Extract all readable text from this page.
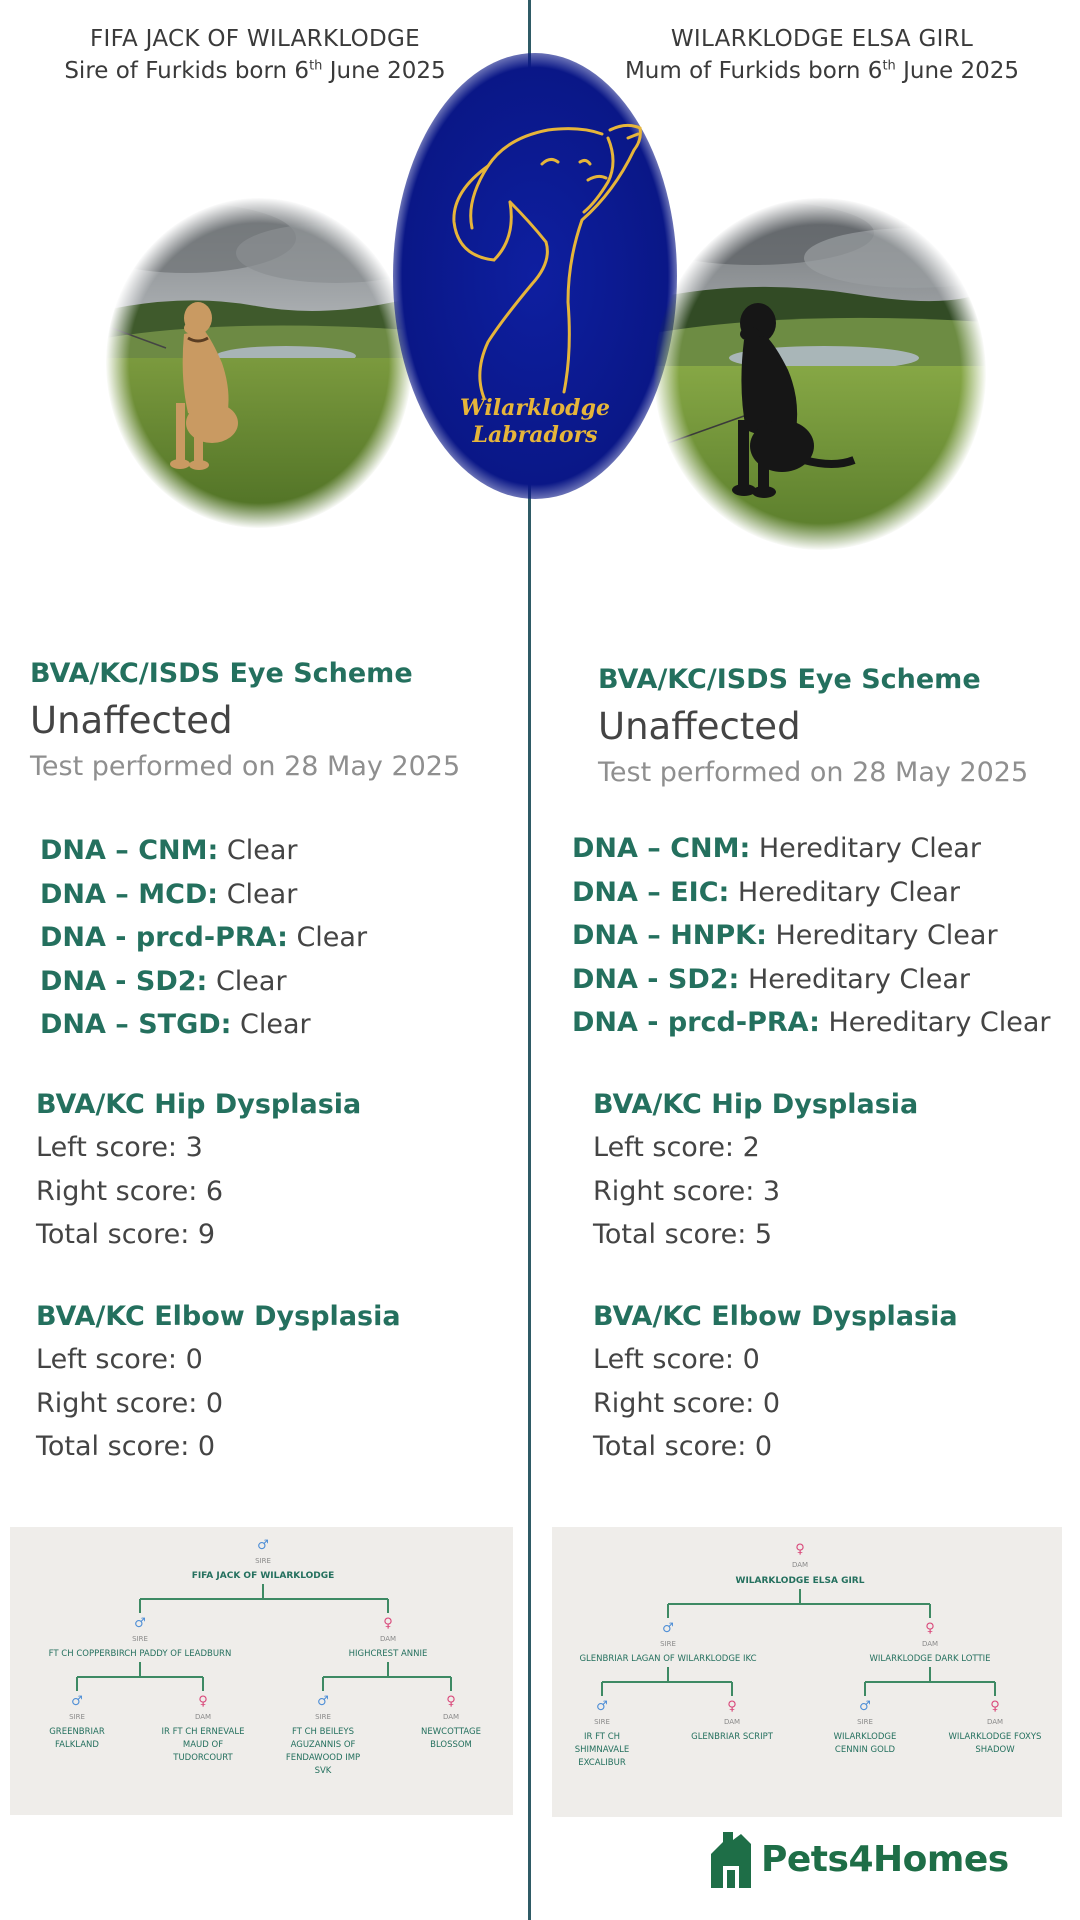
FIFA JACK OF WILARKLODGE
Sire of Furkids born 6th June 2025
WILARKLODGE ELSA GIRL
Mum of Furkids born 6th June 2025
Wilarklodge
Labradors
BVA/KC/ISDS Eye Scheme
Unaffected
Test performed on 28 May 2025
DNA – CNM: Clear
DNA – MCD: Clear
DNA - prcd-PRA: Clear
DNA - SD2: Clear
DNA – STGD: Clear
BVA/KC Hip Dysplasia
Left score: 3
Right score: 6
Total score: 9
BVA/KC Elbow Dysplasia
Left score: 0
Right score: 0
Total score: 0
BVA/KC/ISDS Eye Scheme
Unaffected
Test performed on 28 May 2025
DNA – CNM: Hereditary Clear
DNA – EIC: Hereditary Clear
DNA – HNPK: Hereditary Clear
DNA - SD2: Hereditary Clear
DNA - prcd-PRA: Hereditary Clear
BVA/KC Hip Dysplasia
Left score: 2
Right score: 3
Total score: 5
BVA/KC Elbow Dysplasia
Left score: 0
Right score: 0
Total score: 0
♂
SIRE
FIFA JACK OF WILARKLODGE
♂
SIRE
FT CH COPPERBIRCH PADDY OF LEADBURN
♀
DAM
HIGHCREST ANNIE
♂
SIRE
GREENBRIAR
FALKLAND
♀
DAM
IR FT CH ERNEVALE
MAUD OF
TUDORCOURT
♂
SIRE
FT CH BEILEYS
AGUZANNIS OF
FENDAWOOD IMP
SVK
♀
DAM
NEWCOTTAGE
BLOSSOM
♀
DAM
WILARKLODGE ELSA GIRL
♂
SIRE
GLENBRIAR LAGAN OF WILARKLODGE IKC
♀
DAM
WILARKLODGE DARK LOTTIE
♂
SIRE
IR FT CH
SHIMNAVALE
EXCALIBUR
♀
DAM
GLENBRIAR SCRIPT
♂
SIRE
WILARKLODGE
CENNIN GOLD
♀
DAM
WILARKLODGE FOXYS
SHADOW
Pets4Homes
